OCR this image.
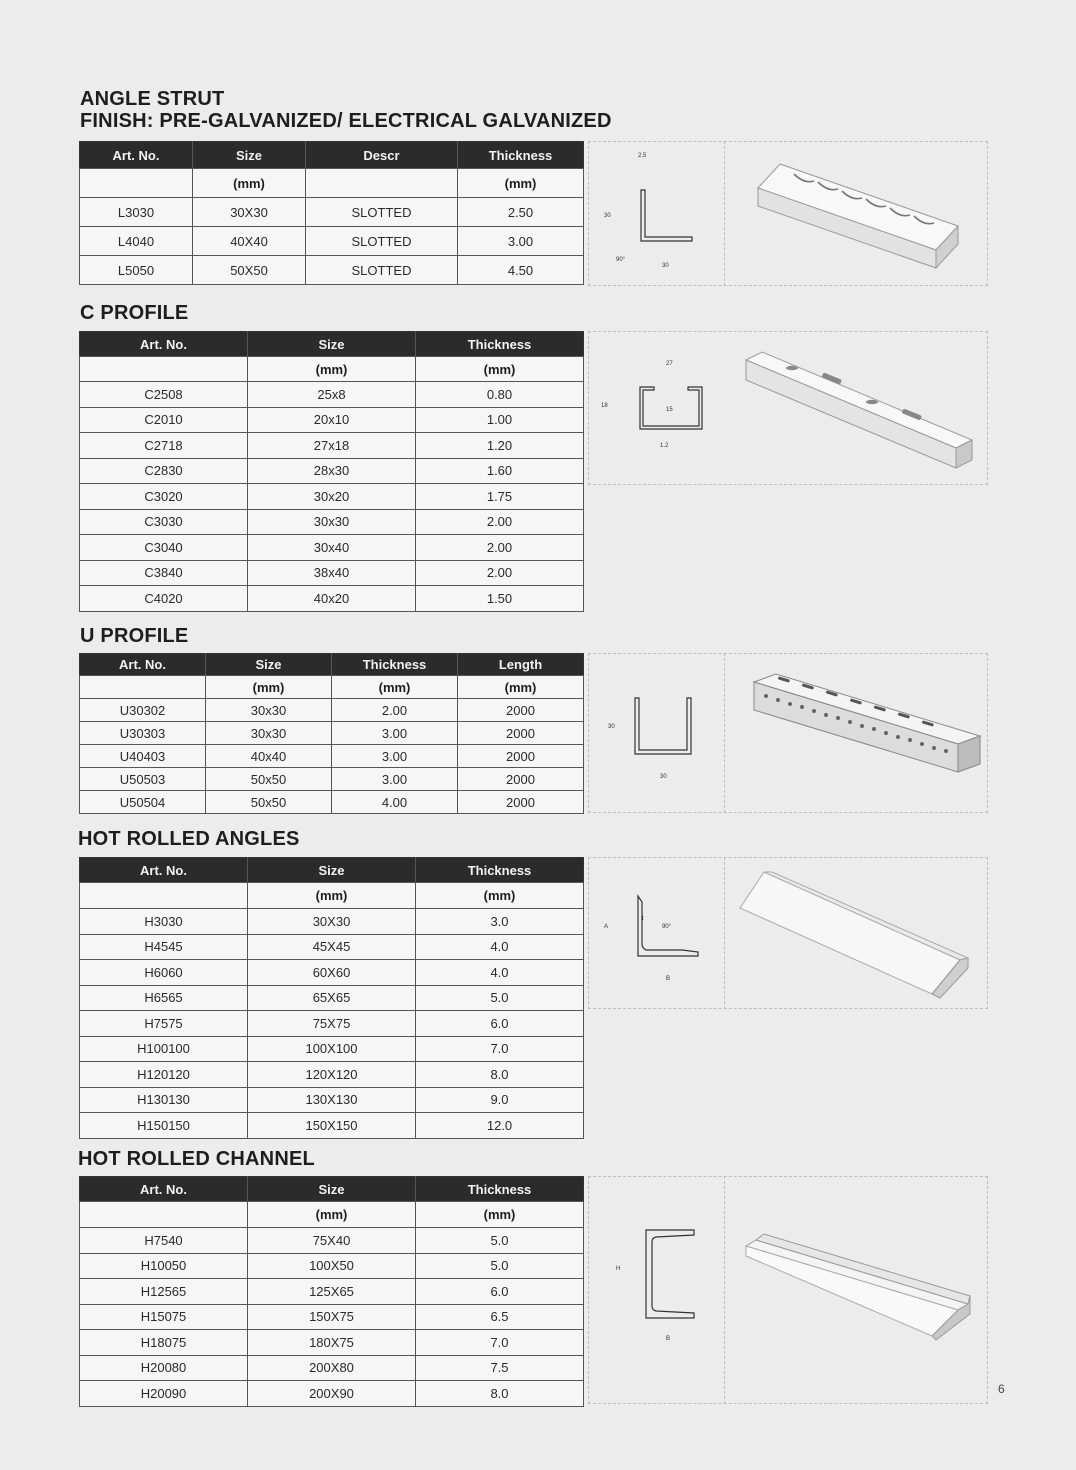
ANGLE STRUT
FINISH: PRE-GALVANIZED/ ELECTRICAL GALVANIZED
Art. No.	Size	Descr	Thickness
	(mm)		(mm)
L3030	30X30	SLOTTED	2.50
L4040	40X40	SLOTTED	3.00
L5050	50X50	SLOTTED	4.50
2.5
30
90°
30
C PROFILE
Art. No.	Size	Thickness
	(mm)	(mm)
C2508	25x8	0.80
C2010	20x10	1.00
C2718	27x18	1.20
C2830	28x30	1.60
C3020	30x20	1.75
C3030	30x30	2.00
C3040	30x40	2.00
C3840	38x40	2.00
C4020	40x20	1.50
27
18
15
1.2
U PROFILE
Art. No.	Size	Thickness	Length
	(mm)	(mm)	(mm)
U30302	30x30	2.00	2000
U30303	30x30	3.00	2000
U40403	40x40	3.00	2000
U50503	50x50	3.00	2000
U50504	50x50	4.00	2000
30
30
HOT ROLLED ANGLES
Art. No.	Size	Thickness
	(mm)	(mm)
H3030	30X30	3.0
H4545	45X45	4.0
H6060	60X60	4.0
H6565	65X65	5.0
H7575	75X75	6.0
H100100	100X100	7.0
H120120	120X120	8.0
H130130	130X130	9.0
H150150	150X150	12.0
A
t
90°
B
HOT ROLLED CHANNEL
Art. No.	Size	Thickness
	(mm)	(mm)
H7540	75X40	5.0
H10050	100X50	5.0
H12565	125X65	6.0
H15075	150X75	6.5
H18075	180X75	7.0
H20080	200X80	7.5
H20090	200X90	8.0
H
B
6
